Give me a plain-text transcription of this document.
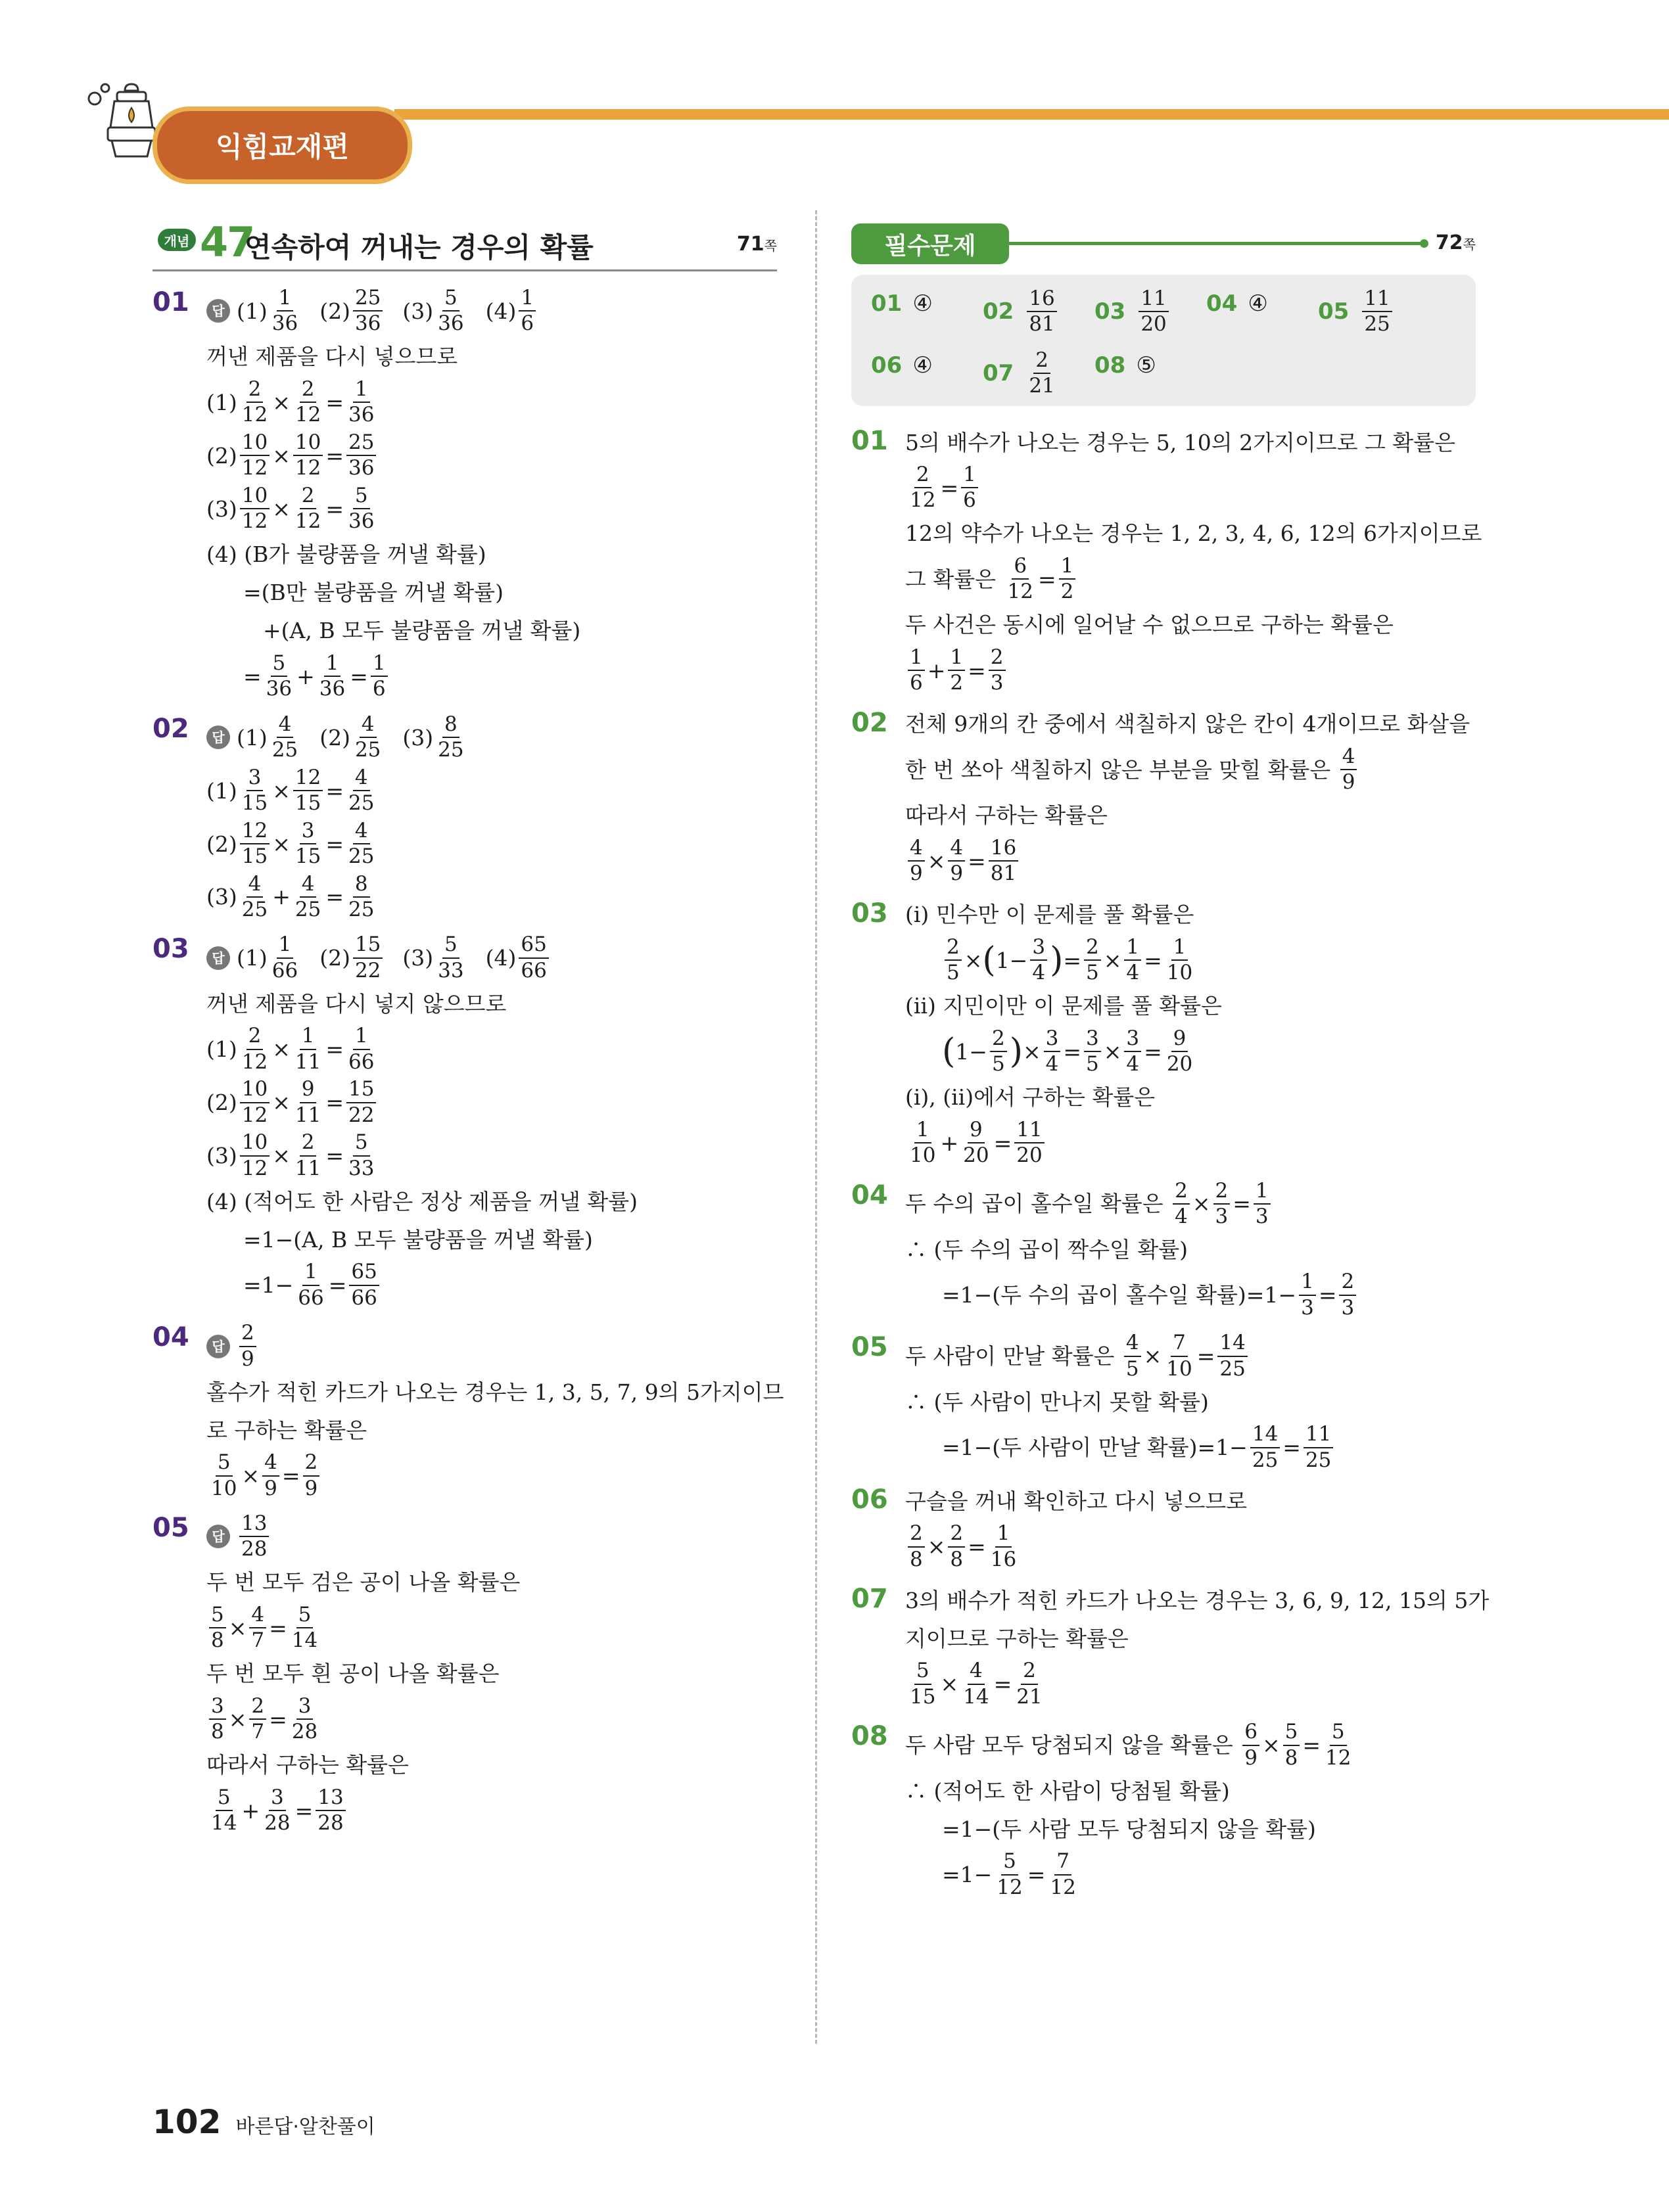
익힘교재편
개념 47
연속하여 꺼내는 경우의 확률	71쪽
01	답 $(1) \frac{1}{36} (2) \frac{25}{36} (3) \frac{5}{36} (4) \frac{1}{6}$
꺼낸 제품을 다시 넣으므로
$(1) \frac{2}{12} \times \frac{2}{12} = \frac{1}{36}$
$(2) \frac{10}{12} \times \frac{10}{12} = \frac{25}{36}$
$(3) \frac{10}{12} \times \frac{2}{12} = \frac{5}{36}$
(4) (B가 불량품을 꺼낼 확률)
=(B만 불량품을 꺼낼 확률)
+(A, B 모두 불량품을 꺼낼 확률)
= $\frac{5}{36} + \frac{1}{36} = \frac{1}{6}$
02	답 $(1) \frac{4}{25} (2) \frac{4}{25} (3) \frac{8}{25}$
$(1) \frac{3}{15} \times \frac{12}{15} = \frac{4}{25}$
$(2) \frac{12}{15} \times \frac{3}{15} = \frac{4}{25}$
$(3) \frac{4}{25} + \frac{4}{25} = \frac{8}{25}$
03	답 $(1) \frac{1}{66} (2) \frac{15}{22} (3) \frac{5}{33} (4) \frac{65}{66}$
꺼낸 제품을 다시 넣지 않으므로
$(1) \frac{2}{12} \times \frac{1}{11} = \frac{1}{66}$
$(2) \frac{10}{12} \times \frac{9}{11} = \frac{15}{22}$
$(3) \frac{10}{12} \times \frac{2}{11} = \frac{5}{33}$
(4) (적어도 한 사람은 정상 제품을 꺼낼 확률)
=1−(A, B 모두 불량품을 꺼낼 확률)
$=1- \frac{1}{66} = \frac{65}{66}$
04	답 $\frac{2}{9}$
홀수가 적힌 카드가 나오는 경우는 1, 3, 5, 7, 9의 5가지이므
로 구하는 확률은
$\frac{5}{10} \times \frac{4}{9} = \frac{2}{9}$
05	답 $\frac{13}{28}$
두 번 모두 검은 공이 나올 확률은
$\frac{5}{8} \times \frac{4}{7} = \frac{5}{14}$
두 번 모두 흰 공이 나올 확률은
$\frac{3}{8} \times \frac{2}{7} = \frac{3}{28}$
따라서 구하는 확률은
$\frac{5}{14} + \frac{3}{28} = \frac{13}{28}$
필수문제	72쪽
01 ④ $02 \frac{16}{81} 03 \frac{11}{20} 04$ ④ $05 \frac{11}{25}$
06 ④ $07 \frac{2}{21} 08$ ⑤
01 5의 배수가 나오는 경우는 5, 10의 2가지이므로 그 확률은
$\frac{2}{12} = \frac{1}{6}$
12의 약수가 나오는 경우는 1, 2, 3, 4, 6, 12의 6가지이므로
그 확률은
$\frac{6}{12} = \frac{1}{2}$
두 사건은 동시에 일어날 수 없으므로 구하는 확률은
$\frac{1}{6} + \frac{1}{2} = \frac{2}{3}$
02 전체 9개의 칸 중에서 색칠하지 않은 칸이 4개이므로 화살을
한 번 쏘아 색칠하지 않은 부분을 맞힐 확률은
$\frac{4}{9}$
따라서 구하는 확률은
$\frac{4}{9} \times \frac{4}{9} = \frac{16}{81}$
03 (ⅰ) 민수만 이 문제를 풀 확률은
$\frac{2}{5}$ × ( $1- \frac{3}{4}$ ) = $\frac{2}{5} \times \frac{1}{4} = \frac{1}{10}$
(ⅱ) 지민이만 이 문제를 풀 확률은
( $1- \frac{2}{5}$ ) × $\frac{3}{4} = \frac{3}{5} \times \frac{3}{4} = \frac{9}{20}$
(ⅰ), (ⅱ)에서 구하는 확률은
$\frac{1}{10} + \frac{9}{20} = \frac{11}{20}$
04 두 수의 곱이 홀수일 확률은
$\frac{2}{4} \times \frac{2}{3} = \frac{1}{3}$
∴ (두 수의 곱이 짝수일 확률)
=1−(두 수의 곱이 홀수일 확률)$=1- \frac{1}{3} = \frac{2}{3}$
05 두 사람이 만날 확률은
$\frac{4}{5} \times \frac{7}{10} = \frac{14}{25}$
∴ (두 사람이 만나지 못할 확률)
=1−(두 사람이 만날 확률)$=1- \frac{14}{25} = \frac{11}{25}$
06 구슬을 꺼내 확인하고 다시 넣으므로
$\frac{2}{8} \times \frac{2}{8} = \frac{1}{16}$
07 3의 배수가 적힌 카드가 나오는 경우는 3, 6, 9, 12, 15의 5가
지이므로 구하는 확률은
$\frac{5}{15} \times \frac{4}{14} = \frac{2}{21}$
08 두 사람 모두 당첨되지 않을 확률은
$\frac{6}{9} \times \frac{5}{8} = \frac{5}{12}$
∴ (적어도 한 사람이 당첨될 확률)
=1−(두 사람 모두 당첨되지 않을 확률)
$=1- \frac{5}{12} = \frac{7}{12}$
102 바른답·알찬풀이
